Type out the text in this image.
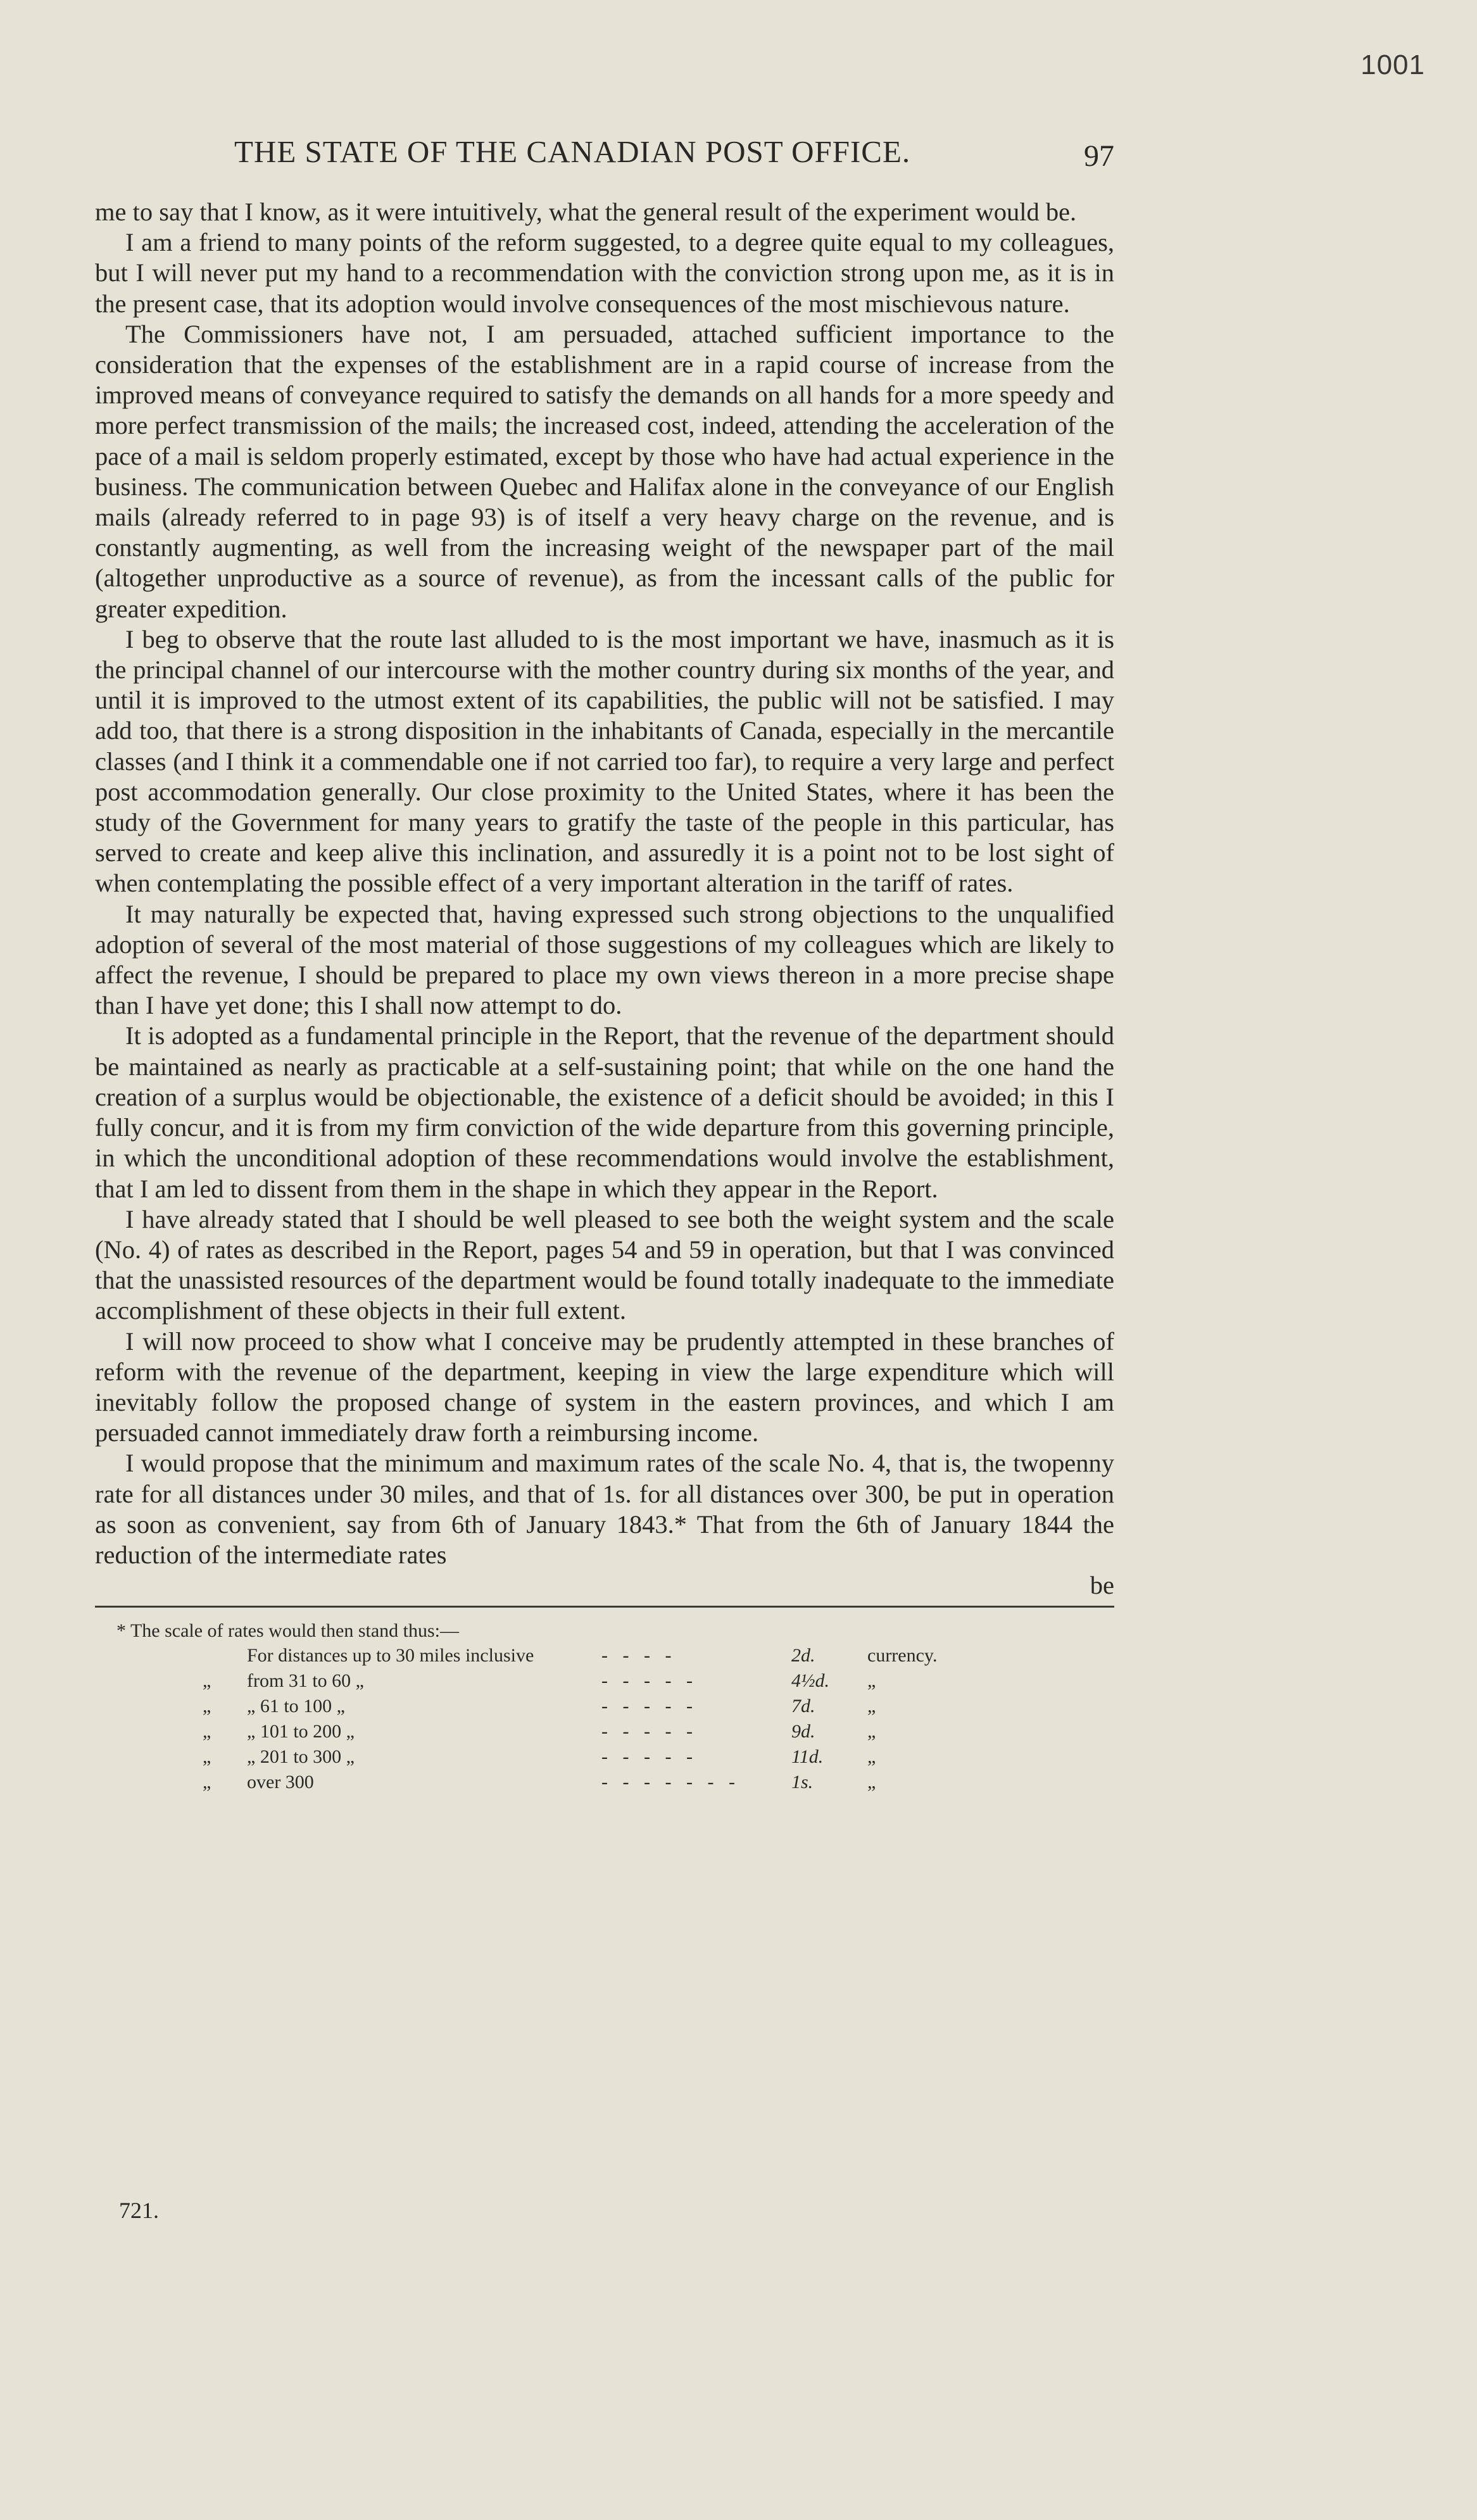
1001
THE STATE OF THE CANADIAN POST OFFICE.	97

me to say that I know, as it were intuitively, what the general result of the experiment would be.

I am a friend to many points of the reform suggested, to a degree quite equal to my colleagues, but I will never put my hand to a recommendation with the conviction strong upon me, as it is in the present case, that its adoption would involve consequences of the most mischievous nature.

The Commissioners have not, I am persuaded, attached sufficient importance to the consideration that the expenses of the establishment are in a rapid course of increase from the improved means of conveyance required to satisfy the demands on all hands for a more speedy and more perfect transmission of the mails; the increased cost, indeed, attending the acceleration of the pace of a mail is seldom properly estimated, except by those who have had actual experience in the business. The communication between Quebec and Halifax alone in the conveyance of our English mails (already referred to in page 93) is of itself a very heavy charge on the revenue, and is constantly augmenting, as well from the increasing weight of the newspaper part of the mail (altogether unproductive as a source of revenue), as from the incessant calls of the public for greater expedition.

I beg to observe that the route last alluded to is the most important we have, inasmuch as it is the principal channel of our intercourse with the mother country during six months of the year, and until it is improved to the utmost extent of its capabilities, the public will not be satisfied. I may add too, that there is a strong disposition in the inhabitants of Canada, especially in the mercantile classes (and I think it a commendable one if not carried too far), to require a very large and perfect post accommodation generally. Our close proximity to the United States, where it has been the study of the Government for many years to gratify the taste of the people in this particular, has served to create and keep alive this inclination, and assuredly it is a point not to be lost sight of when contemplating the possible effect of a very important alteration in the tariff of rates.

It may naturally be expected that, having expressed such strong objections to the unqualified adoption of several of the most material of those suggestions of my colleagues which are likely to affect the revenue, I should be prepared to place my own views thereon in a more precise shape than I have yet done; this I shall now attempt to do.

It is adopted as a fundamental principle in the Report, that the revenue of the department should be maintained as nearly as practicable at a self-sustaining point; that while on the one hand the creation of a surplus would be objectionable, the existence of a deficit should be avoided; in this I fully concur, and it is from my firm conviction of the wide departure from this governing principle, in which the unconditional adoption of these recommendations would involve the establishment, that I am led to dissent from them in the shape in which they appear in the Report.

I have already stated that I should be well pleased to see both the weight system and the scale (No. 4) of rates as described in the Report, pages 54 and 59 in operation, but that I was convinced that the unassisted resources of the department would be found totally inadequate to the immediate accomplishment of these objects in their full extent.

I will now proceed to show what I conceive may be prudently attempted in these branches of reform with the revenue of the department, keeping in view the large expenditure which will inevitably follow the proposed change of system in the eastern provinces, and which I am persuaded cannot immediately draw forth a reimbursing income.

I would propose that the minimum and maximum rates of the scale No. 4, that is, the twopenny rate for all distances under 30 miles, and that of 1s. for all distances over 300, be put in operation as soon as convenient, say from 6th of January 1843.* That from the 6th of January 1844 the reduction of the intermediate rates

be
* The scale of rates would then stand thus:—
	For distances up to 30 miles inclusive	- - - -	2d.	currency.
„	from 31 to 60 „	- - - - -	4½d.	„
„	„ 61 to 100 „	- - - - -	7d.	„
„	„ 101 to 200 „	- - - - -	9d.	„
„	„ 201 to 300 „	- - - - -	11d.	„
„	over 300	- - - - - - -	1s.	„
721.
